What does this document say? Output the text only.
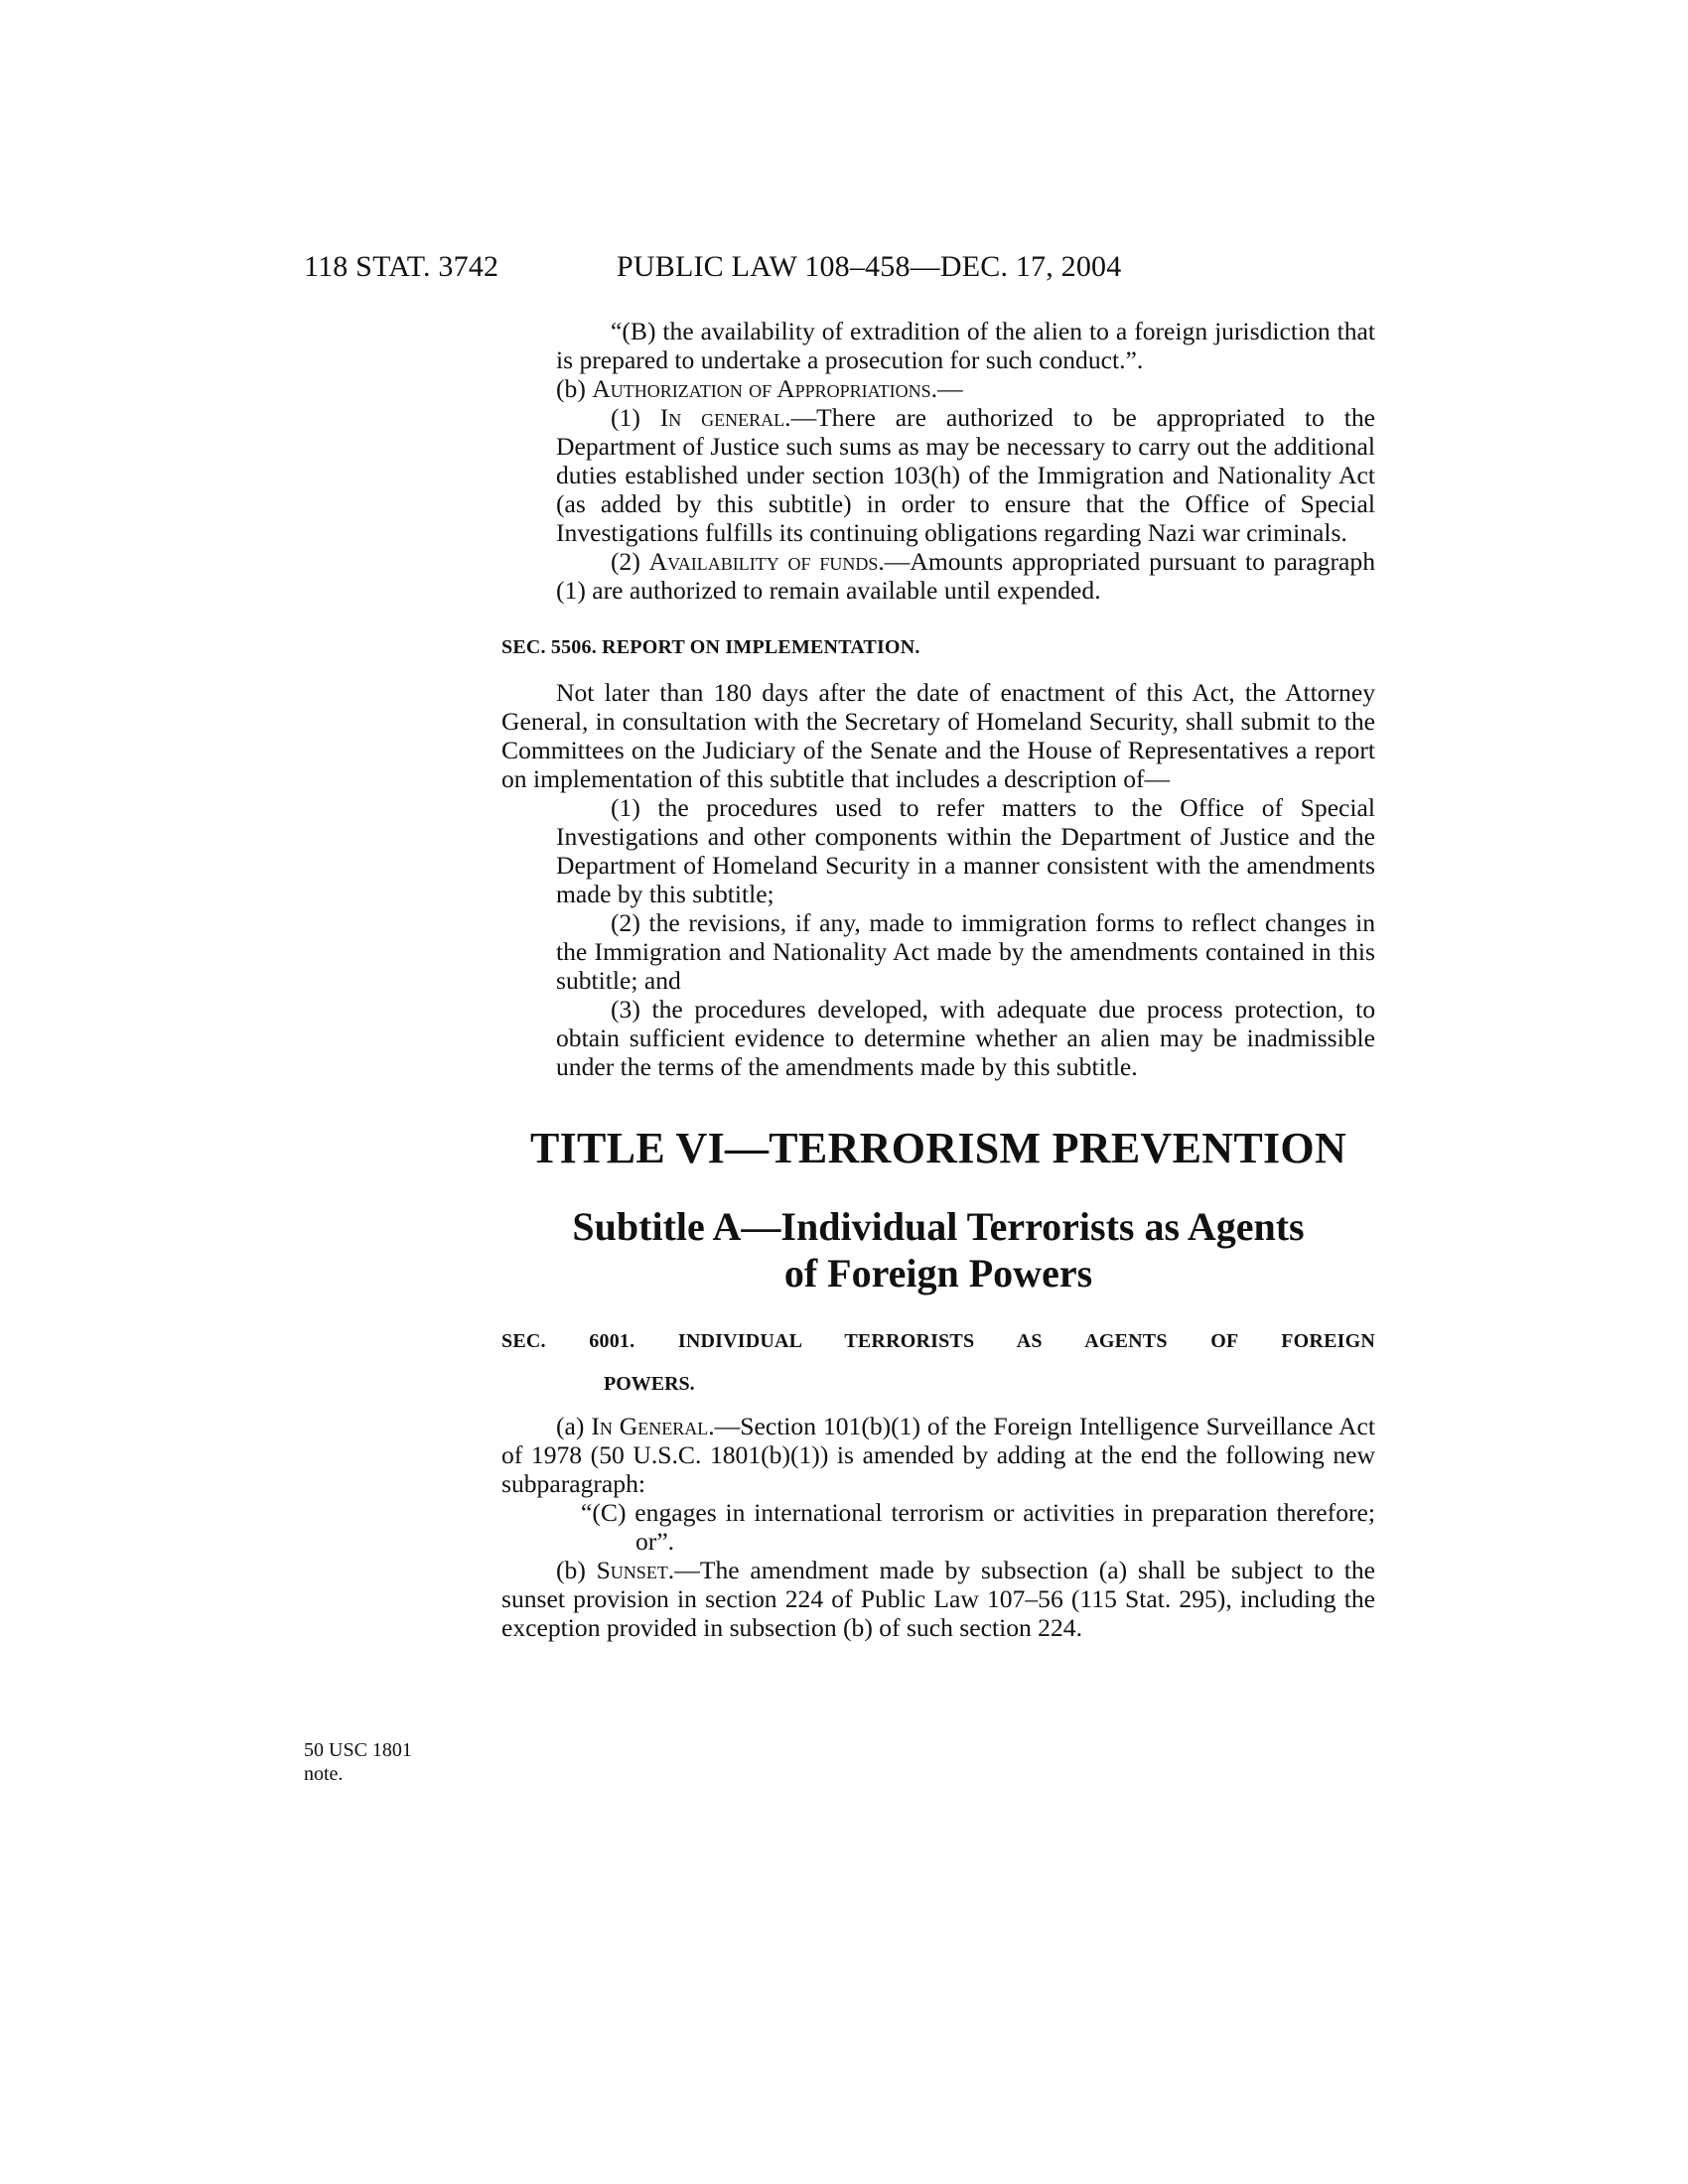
118 STAT. 3742	PUBLIC LAW 108–458—DEC. 17, 2004

“(B) the availability of extradition of the alien to a foreign jurisdiction that is prepared to undertake a prosecution for such conduct.”.

(b) Authorization of Appropriations.—

(1) In general.—There are authorized to be appropriated to the Department of Justice such sums as may be necessary to carry out the additional duties established under section 103(h) of the Immigration and Nationality Act (as added by this subtitle) in order to ensure that the Office of Special Investigations fulfills its continuing obligations regarding Nazi war criminals.

(2) Availability of funds.—Amounts appropriated pursuant to paragraph (1) are authorized to remain available until expended.

SEC. 5506. REPORT ON IMPLEMENTATION.

Not later than 180 days after the date of enactment of this Act, the Attorney General, in consultation with the Secretary of Homeland Security, shall submit to the Committees on the Judiciary of the Senate and the House of Representatives a report on implementation of this subtitle that includes a description of—

(1) the procedures used to refer matters to the Office of Special Investigations and other components within the Department of Justice and the Department of Homeland Security in a manner consistent with the amendments made by this subtitle;

(2) the revisions, if any, made to immigration forms to reflect changes in the Immigration and Nationality Act made by the amendments contained in this subtitle; and

(3) the procedures developed, with adequate due process protection, to obtain sufficient evidence to determine whether an alien may be inadmissible under the terms of the amendments made by this subtitle.

TITLE VI—TERRORISM PREVENTION
Subtitle A—Individual Terrorists as Agents
of Foreign Powers
SEC. 6001. INDIVIDUAL TERRORISTS AS AGENTS OF FOREIGN
POWERS.

(a) In General.—Section 101(b)(1) of the Foreign Intelligence Surveillance Act of 1978 (50 U.S.C. 1801(b)(1)) is amended by adding at the end the following new subparagraph:

“(C) engages in international terrorism or activities in preparation therefore; or”.

(b) Sunset.—The amendment made by subsection (a) shall be subject to the sunset provision in section 224 of Public Law 107–56 (115 Stat. 295), including the exception provided in subsection (b) of such section 224.

50 USC 1801
note.
